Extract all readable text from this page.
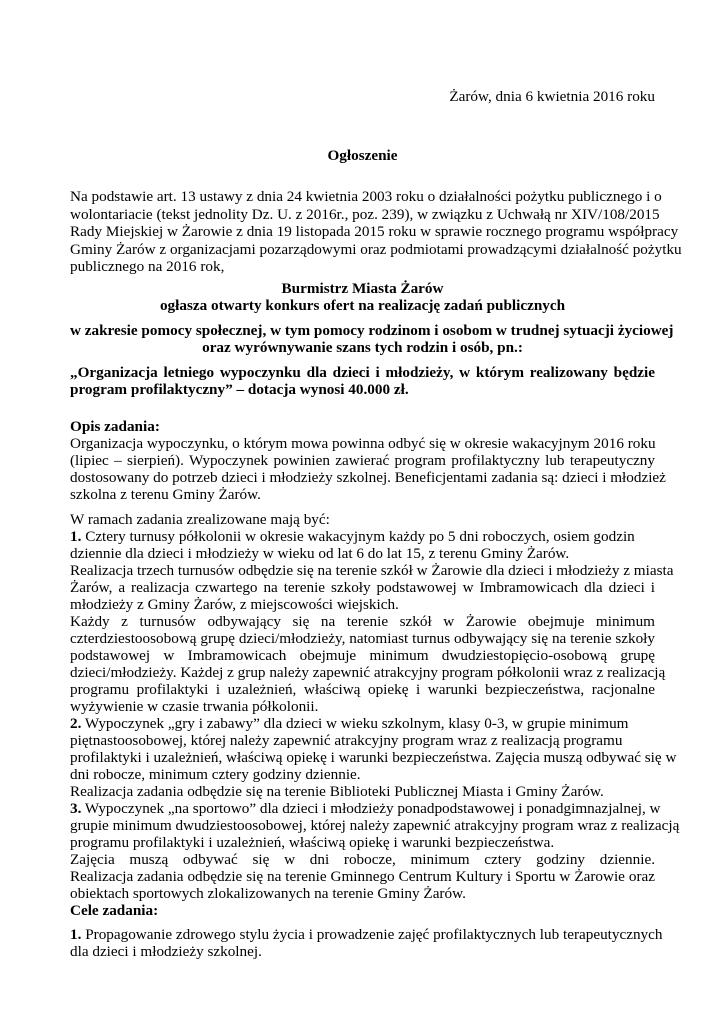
Żarów, dnia 6 kwietnia 2016 roku
Ogłoszenie
Na podstawie art. 13 ustawy z dnia 24 kwietnia 2003 roku o działalności pożytku publicznego i o
wolontariacie (tekst jednolity Dz. U. z 2016r., poz. 239), w związku z Uchwałą nr XIV/108/2015
Rady Miejskiej w Żarowie z dnia 19 listopada 2015 roku w sprawie rocznego programu współpracy
Gminy Żarów z organizacjami pozarządowymi oraz podmiotami prowadzącymi działalność pożytku
publicznego na 2016 rok,
Burmistrz Miasta Żarów
ogłasza otwarty konkurs ofert na realizację zadań publicznych
w zakresie pomocy społecznej, w tym pomocy rodzinom i osobom w trudnej sytuacji życiowej
oraz wyrównywanie szans tych rodzin i osób, pn.:
„Organizacja letniego wypoczynku dla dzieci i młodzieży, w którym realizowany będzie
program profilaktyczny” – dotacja wynosi 40.000 zł.
Opis zadania:
Organizacja wypoczynku, o którym mowa powinna odbyć się w okresie wakacyjnym 2016 roku
(lipiec – sierpień). Wypoczynek powinien zawierać program profilaktyczny lub terapeutyczny
dostosowany do potrzeb dzieci i młodzieży szkolnej. Beneficjentami zadania są: dzieci i młodzież
szkolna z terenu Gminy Żarów.
W ramach zadania zrealizowane mają być:
1. Cztery turnusy półkolonii w okresie wakacyjnym każdy po 5 dni roboczych, osiem godzin
dziennie dla dzieci i młodzieży w wieku od lat 6 do lat 15, z terenu Gminy Żarów.
Realizacja trzech turnusów odbędzie się na terenie szkół w Żarowie dla dzieci i młodzieży z miasta
Żarów, a realizacja czwartego na terenie szkoły podstawowej w Imbramowicach dla dzieci i
młodzieży z Gminy Żarów, z miejscowości wiejskich.
Każdy z turnusów odbywający się na terenie szkół w Żarowie obejmuje minimum
czterdziestoosobową grupę dzieci/młodzieży, natomiast turnus odbywający się na terenie szkoły
podstawowej w Imbramowicach obejmuje minimum dwudziestopięcio-osobową grupę
dzieci/młodzieży. Każdej z grup należy zapewnić atrakcyjny program półkolonii wraz z realizacją
programu profilaktyki i uzależnień, właściwą opiekę i warunki bezpieczeństwa, racjonalne
wyżywienie w czasie trwania półkolonii.
2. Wypoczynek „gry i zabawy” dla dzieci w wieku szkolnym, klasy 0-3, w grupie minimum
piętnastoosobowej, której należy zapewnić atrakcyjny program wraz z realizacją programu
profilaktyki i uzależnień, właściwą opiekę i warunki bezpieczeństwa. Zajęcia muszą odbywać się w
dni robocze, minimum cztery godziny dziennie.
Realizacja zadania odbędzie się na terenie Biblioteki Publicznej Miasta i Gminy Żarów.
3. Wypoczynek „na sportowo” dla dzieci i młodzieży ponadpodstawowej i ponadgimnazjalnej, w
grupie minimum dwudziestoosobowej, której należy zapewnić atrakcyjny program wraz z realizacją
programu profilaktyki i uzależnień, właściwą opiekę i warunki bezpieczeństwa.
Zajęcia muszą odbywać się w dni robocze, minimum cztery godziny dziennie.
Realizacja zadania odbędzie się na terenie Gminnego Centrum Kultury i Sportu w Żarowie oraz
obiektach sportowych zlokalizowanych na terenie Gminy Żarów.
Cele zadania:
1. Propagowanie zdrowego stylu życia i prowadzenie zajęć profilaktycznych lub terapeutycznych
dla dzieci i młodzieży szkolnej.
